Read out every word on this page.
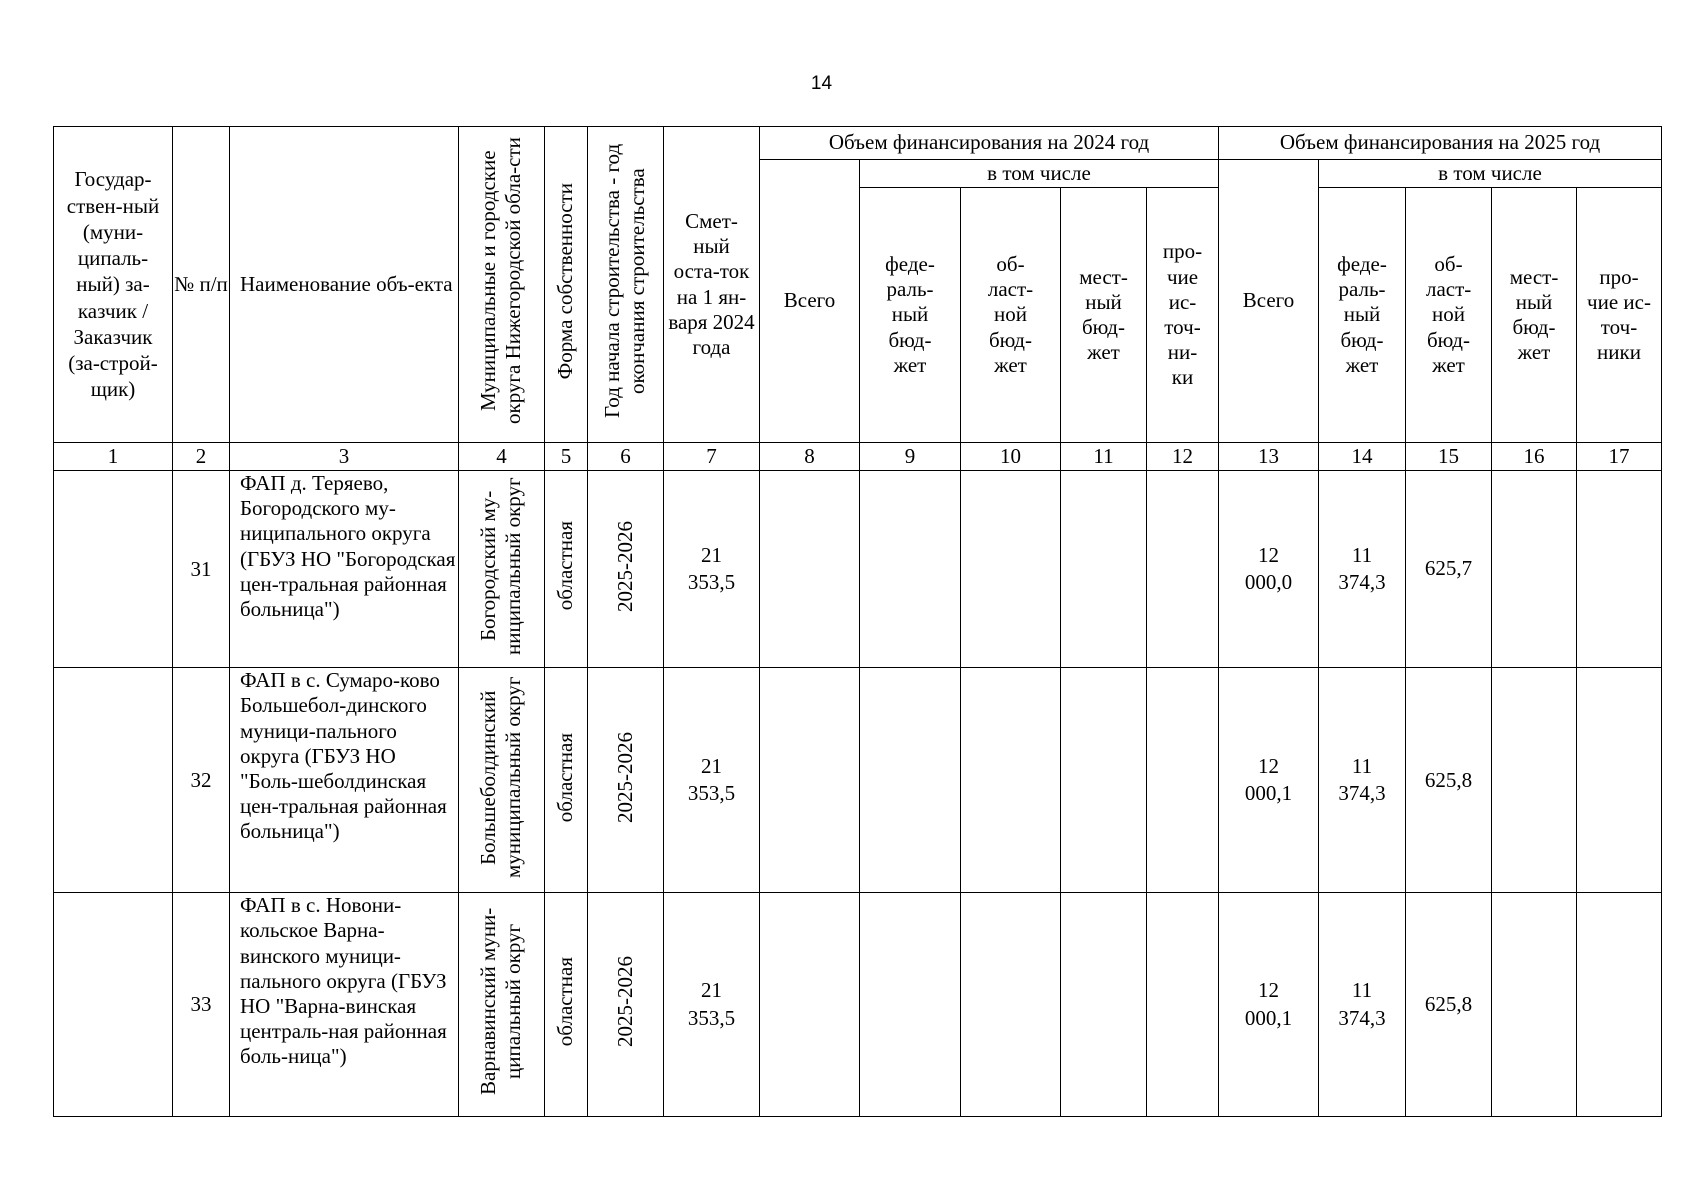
14
Государ-ствен-ный (муни-ципаль-ный) за-казчик / Заказчик (за-строй-щик)	№ п/п	Наименование объ-екта	Муниципальные и городские округа Нижегородской обла-сти	Форма собственности	Год начала строительства - год окончания строительства	Смет-ный оста-ток на 1 ян-варя 2024 года	Объем финансирования на 2024 год					Объем финансирования на 2025 год				
							Всего	в том числе				Всего	в том числе			
								феде-раль-ный бюд-жет	об-ласт-ной бюд-жет	мест-ный бюд-жет	про-чие ис-точ-ни-ки		феде-раль-ный бюд-жет	об-ласт-ной бюд-жет	мест-ный бюд-жет	про-чие ис-точ-ники
1	2	3	4	5	6	7	8	9	10	11	12	13	14	15	16	17
	31	ФАП д. Теряево, Богородского му-ниципального округа (ГБУЗ НО "Богородская цен-тральная районная больница")	Богородский му-ниципальный округ	областная	2025-2026	21 353,5						12 000,0	11 374,3	625,7		
	32	ФАП в с. Сумаро-ково Большебол-динского муници-пального округа (ГБУЗ НО "Боль-шеболдинская цен-тральная районная больница")	Большеболдинский муниципальный округ	областная	2025-2026	21 353,5						12 000,1	11 374,3	625,8		
	33	ФАП в с. Новони-кольское Варна-винского муници-пального округа (ГБУЗ НО "Варна-винская централь-ная районная боль-ница")	Варнавинский муни-ципальный округ	областная	2025-2026	21 353,5						12 000,1	11 374,3	625,8		
